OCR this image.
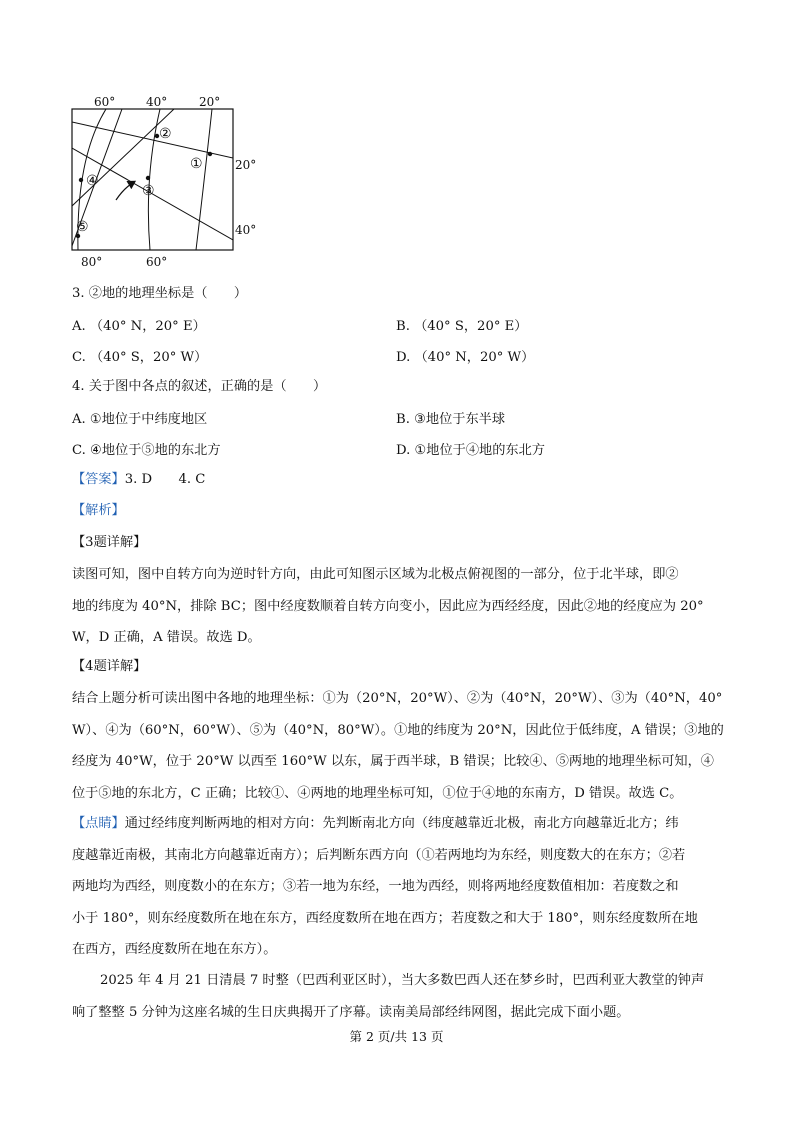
①
②
③
④
⑤
60°	40°	20°
20°
40°
80°	60°
3. ②地的地理坐标是（　　）
A. （40° N，20° E）	B. （40° S，20° E）
C. （40° S，20° W）	D. （40° N，20° W）
4. 关于图中各点的叙述，正确的是（　　）
A. ①地位于中纬度地区	B. ③地位于东半球
C. ④地位于⑤地的东北方	D. ①地位于④地的东北方
【答案】3. D　　4. C
【解析】
【3题详解】
读图可知，图中自转方向为逆时针方向，由此可知图示区域为北极点俯视图的一部分，位于北半球，即②
地的纬度为 40°N，排除 BC；图中经度数顺着自转方向变小，因此应为西经经度，因此②地的经度应为 20°
W，D 正确，A 错误。故选 D。
【4题详解】
结合上题分析可读出图中各地的地理坐标：①为（20°N，20°W）、②为（40°N，20°W）、③为（40°N，40°
W）、④为（60°N，60°W）、⑤为（40°N，80°W）。①地的纬度为 20°N，因此位于低纬度，A 错误；③地的
经度为 40°W，位于 20°W 以西至 160°W 以东，属于西半球，B 错误；比较④、⑤两地的地理坐标可知，④
位于⑤地的东北方，C 正确；比较①、④两地的地理坐标可知，①位于④地的东南方，D 错误。故选 C。
【点睛】通过经纬度判断两地的相对方向：先判断南北方向（纬度越靠近北极，南北方向越靠近北方；纬
度越靠近南极，其南北方向越靠近南方）；后判断东西方向（①若两地均为东经，则度数大的在东方；②若
两地均为西经，则度数小的在东方；③若一地为东经，一地为西经，则将两地经度数值相加：若度数之和
小于 180°，则东经度数所在地在东方，西经度数所在地在西方；若度数之和大于 180°，则东经度数所在地
在西方，西经度数所在地在东方）。
2025 年 4 月 21 日清晨 7 时整（巴西利亚区时），当大多数巴西人还在梦乡时，巴西利亚大教堂的钟声
响了整整 5 分钟为这座名城的生日庆典揭开了序幕。读南美局部经纬网图，据此完成下面小题。
第 2 页/共 13 页
